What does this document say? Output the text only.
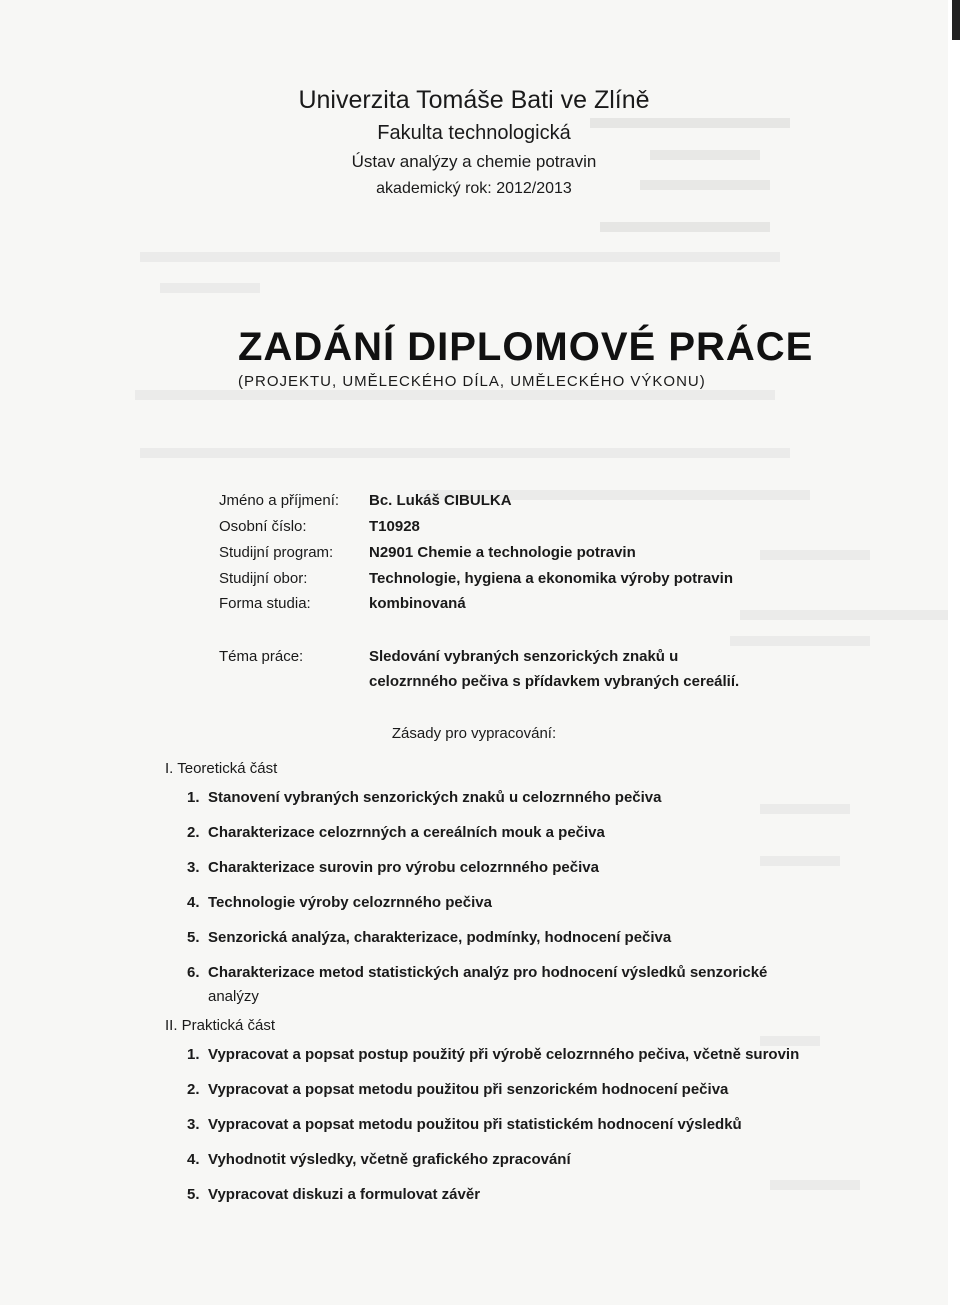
Univerzita Tomáše Bati ve Zlíně
Fakulta technologická
Ústav analýzy a chemie potravin
akademický rok: 2012/2013
ZADÁNÍ DIPLOMOVÉ PRÁCE
(PROJEKTU, UMĚLECKÉHO DÍLA, UMĚLECKÉHO VÝKONU)
Jméno a příjmení: Bc. Lukáš CIBULKA
Osobní číslo:	T10928
Studijní program: N2901 Chemie a technologie potravin
Studijní obor:	Technologie, hygiena a ekonomika výroby potravin
Forma studia:	kombinovaná
Téma práce:	Sledování vybraných senzorických znaků u
celozrnného pečiva s přídavkem vybraných cereálií.
Zásady pro vypracování:
I. Teoretická část
1. Stanovení vybraných senzorických znaků u celozrnného pečiva
2. Charakterizace celozrnných a cereálních mouk a pečiva
3. Charakterizace surovin pro výrobu celozrnného pečiva
4. Technologie výroby celozrnného pečiva
5. Senzorická analýza, charakterizace, podmínky, hodnocení pečiva
6. Charakterizace metod statistických analýz pro hodnocení výsledků senzorické
analýzy
II. Praktická část
1. Vypracovat a popsat postup použitý při výrobě celozrnného pečiva, včetně surovin
2. Vypracovat a popsat metodu použitou při senzorickém hodnocení pečiva
3. Vypracovat a popsat metodu použitou při statistickém hodnocení výsledků
4. Vyhodnotit výsledky, včetně grafického zpracování
5. Vypracovat diskuzi a formulovat závěr
